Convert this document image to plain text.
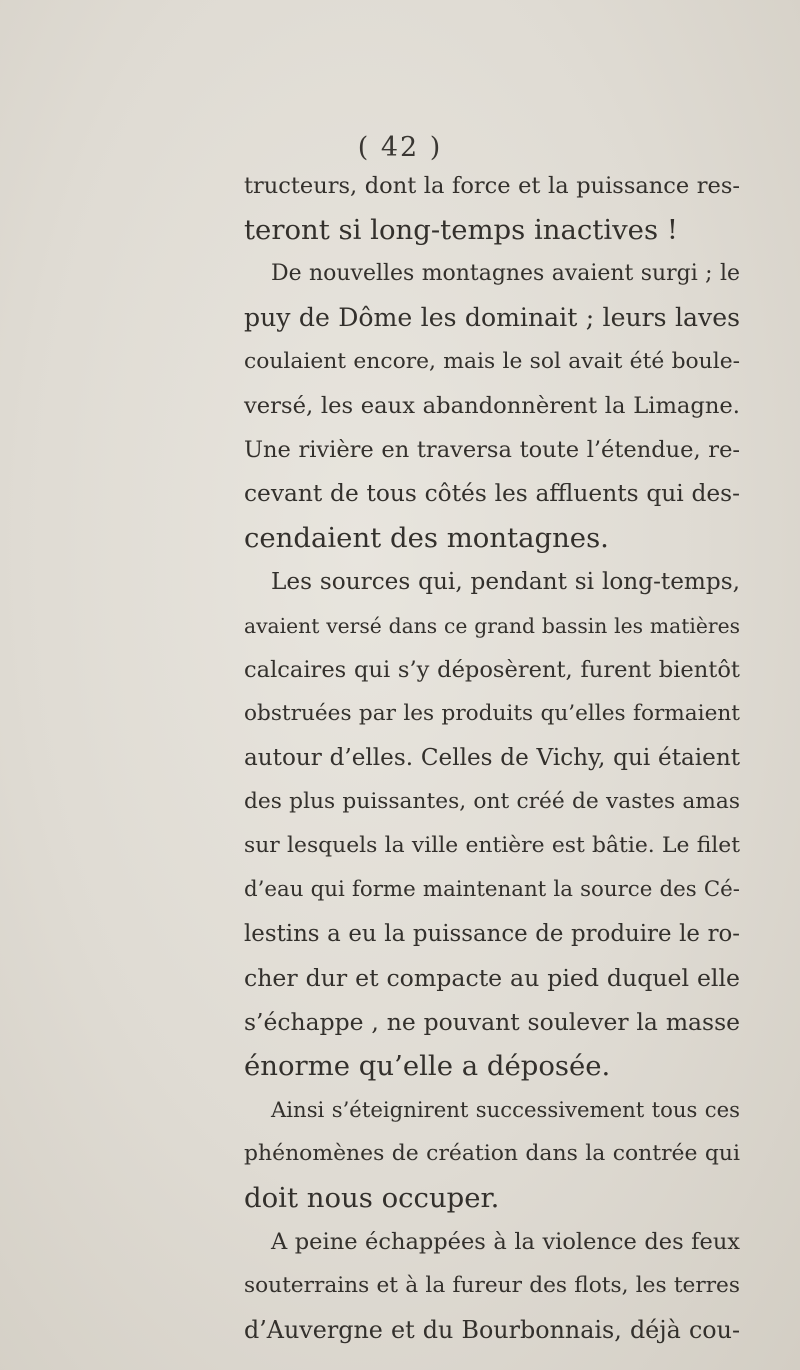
( 42 )
tructeurs, dont la force et la puissance res-
teront si long-temps inactives !
De nouvelles montagnes avaient surgi ; le
puy de Dôme les dominait ; leurs laves
coulaient encore, mais le sol avait été boule-
versé, les eaux abandonnèrent la Limagne.
Une rivière en traversa toute l’étendue, re-
cevant de tous côtés les affluents qui des-
cendaient des montagnes.
Les sources qui, pendant si long-temps,
avaient versé dans ce grand bassin les matières
calcaires qui s’y déposèrent, furent bientôt
obstruées par les produits qu’elles formaient
autour d’elles. Celles de Vichy, qui étaient
des plus puissantes, ont créé de vastes amas
sur lesquels la ville entière est bâtie. Le filet
d’eau qui forme maintenant la source des Cé-
lestins a eu la puissance de produire le ro-
cher dur et compacte au pied duquel elle
s’échappe , ne pouvant soulever la masse
énorme qu’elle a déposée.
Ainsi s’éteignirent successivement tous ces
phénomènes de création dans la contrée qui
doit nous occuper.
A peine échappées à la violence des feux
souterrains et à la fureur des flots, les terres
d’Auvergne et du Bourbonnais, déjà cou-
